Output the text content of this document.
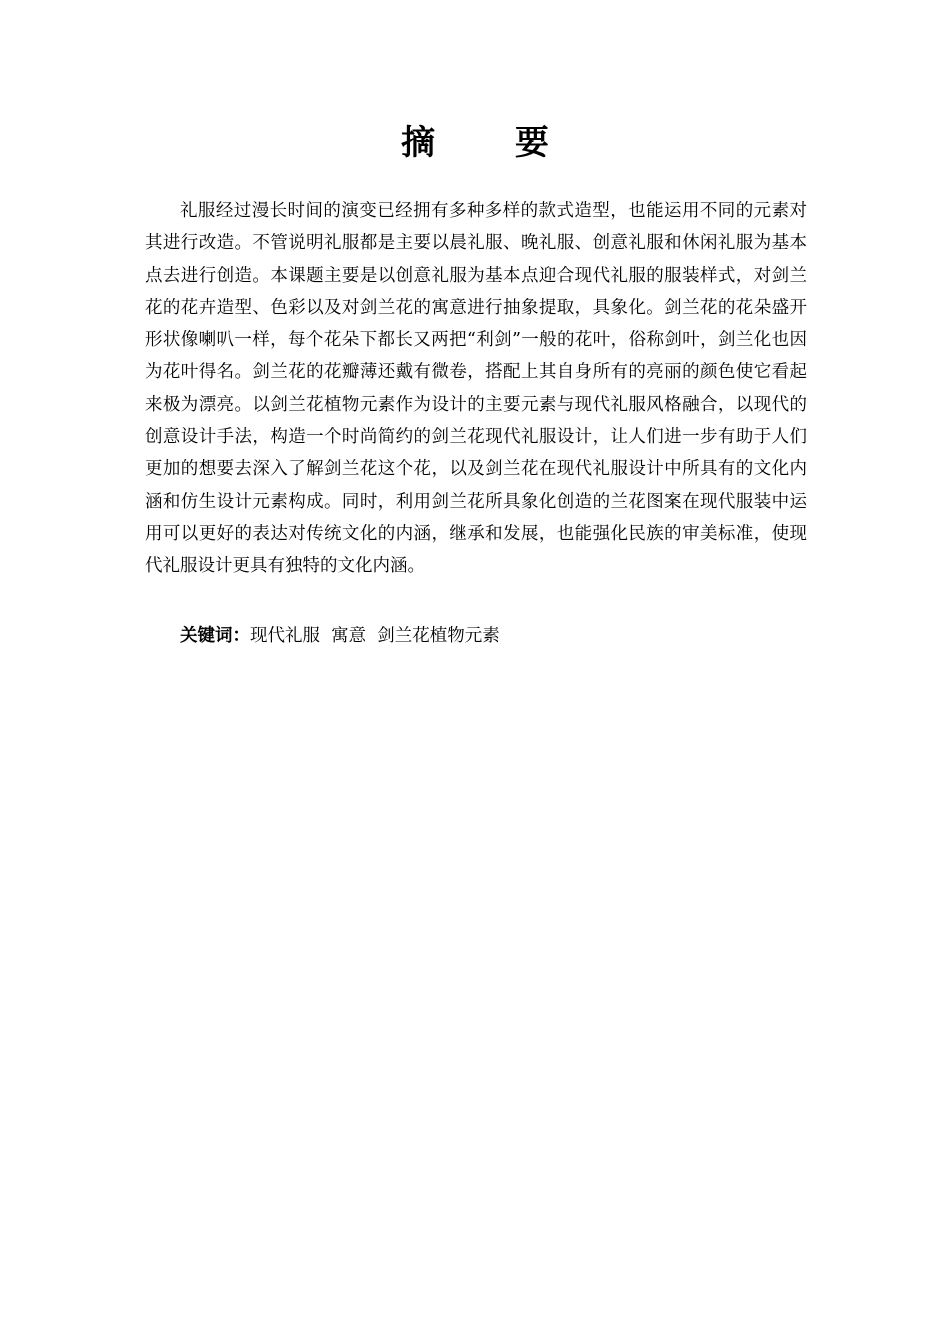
摘 要

礼服经过漫长时间的演变已经拥有多种多样的款式造型，也能运用不同的元素对其进行改造。不管说明礼服都是主要以晨礼服、晚礼服、创意礼服和休闲礼服为基本点去进行创造。本课题主要是以创意礼服为基本点迎合现代礼服的服装样式，对剑兰花的花卉造型、色彩以及对剑兰花的寓意进行抽象提取，具象化。剑兰花的花朵盛开形状像喇叭一样，每个花朵下都长又两把“利剑”一般的花叶，俗称剑叶，剑兰化也因为花叶得名。剑兰花的花瓣薄还戴有微卷，搭配上其自身所有的亮丽的颜色使它看起来极为漂亮。以剑兰花植物元素作为设计的主要元素与现代礼服风格融合，以现代的创意设计手法，构造一个时尚简约的剑兰花现代礼服设计，让人们进一步有助于人们更加的想要去深入了解剑兰花这个花，以及剑兰花在现代礼服设计中所具有的文化内涵和仿生设计元素构成。同时，利用剑兰花所具象化创造的兰花图案在现代服装中运用可以更好的表达对传统文化的内涵，继承和发展，也能强化民族的审美标准，使现代礼服设计更具有独特的文化内涵。

关键词：现代礼服  寓意  剑兰花植物元素
